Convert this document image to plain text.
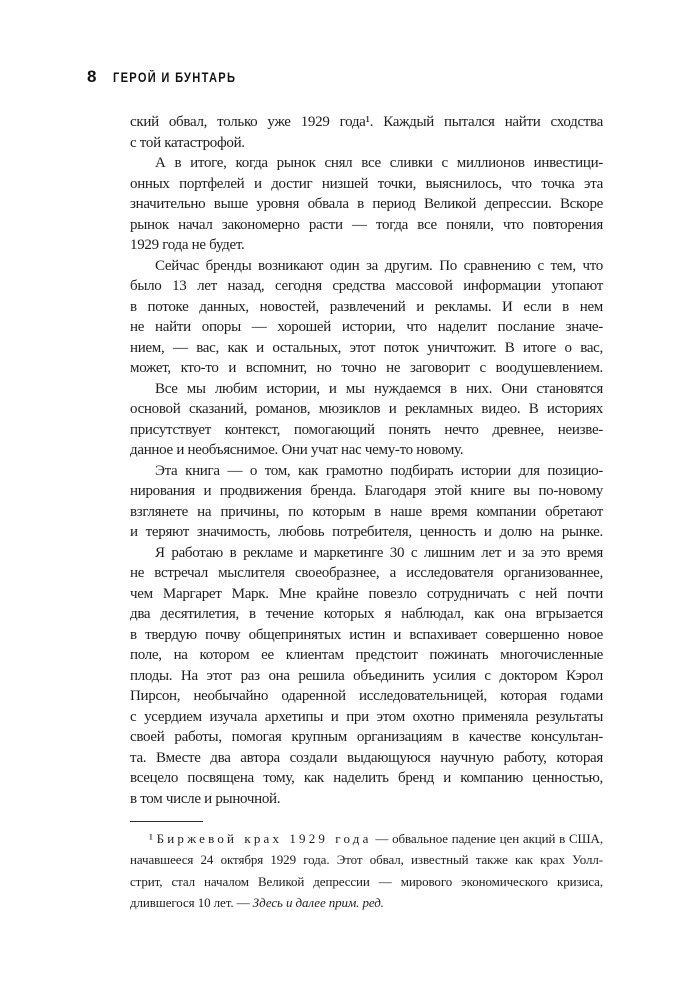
8 ГЕРОЙ И БУНТАРЬ
ский обвал, только уже 1929 года¹. Каждый пытался найти сходства
с той катастрофой.
А в итоге, когда рынок снял все сливки с миллионов инвестици-
онных портфелей и достиг низшей точки, выяснилось, что точка эта
значительно выше уровня обвала в период Великой депрессии. Вскоре
рынок начал закономерно расти — тогда все поняли, что повторения
1929 года не будет.
Сейчас бренды возникают один за другим. По сравнению с тем, что
было 13 лет назад, сегодня средства массовой информации утопают
в потоке данных, новостей, развлечений и рекламы. И если в нем
не найти опоры — хорошей истории, что наделит послание значе-
нием, — вас, как и остальных, этот поток уничтожит. В итоге о вас,
может, кто-то и вспомнит, но точно не заговорит с воодушевлением.
Все мы любим истории, и мы нуждаемся в них. Они становятся
основой сказаний, романов, мюзиклов и рекламных видео. В историях
присутствует контекст, помогающий понять нечто древнее, неизве-
данное и необъяснимое. Они учат нас чему-то новому.
Эта книга — о том, как грамотно подбирать истории для позицио-
нирования и продвижения бренда. Благодаря этой книге вы по-новому
взглянете на причины, по которым в наше время компании обретают
и теряют значимость, любовь потребителя, ценность и долю на рынке.
Я работаю в рекламе и маркетинге 30 с лишним лет и за это время
не встречал мыслителя своеобразнее, а исследователя организованнее,
чем Маргарет Марк. Мне крайне повезло сотрудничать с ней почти
два десятилетия, в течение которых я наблюдал, как она вгрызается
в твердую почву общепринятых истин и вспахивает совершенно новое
поле, на котором ее клиентам предстоит пожинать многочисленные
плоды. На этот раз она решила объединить усилия с доктором Кэрол
Пирсон, необычайно одаренной исследовательницей, которая годами
с усердием изучала архетипы и при этом охотно применяла результаты
своей работы, помогая крупным организациям в качестве консультан-
та. Вместе два автора создали выдающуюся научную работу, которая
всецело посвящена тому, как наделить бренд и компанию ценностью,
в том числе и рыночной.
¹ Биржевой крах 1929 года — обвальное падение цен акций в США,
начавшееся 24 октября 1929 года. Этот обвал, известный также как крах Уолл-
стрит, стал началом Великой депрессии — мирового экономического кризиса,
длившегося 10 лет. — Здесь и далее прим. ред.
